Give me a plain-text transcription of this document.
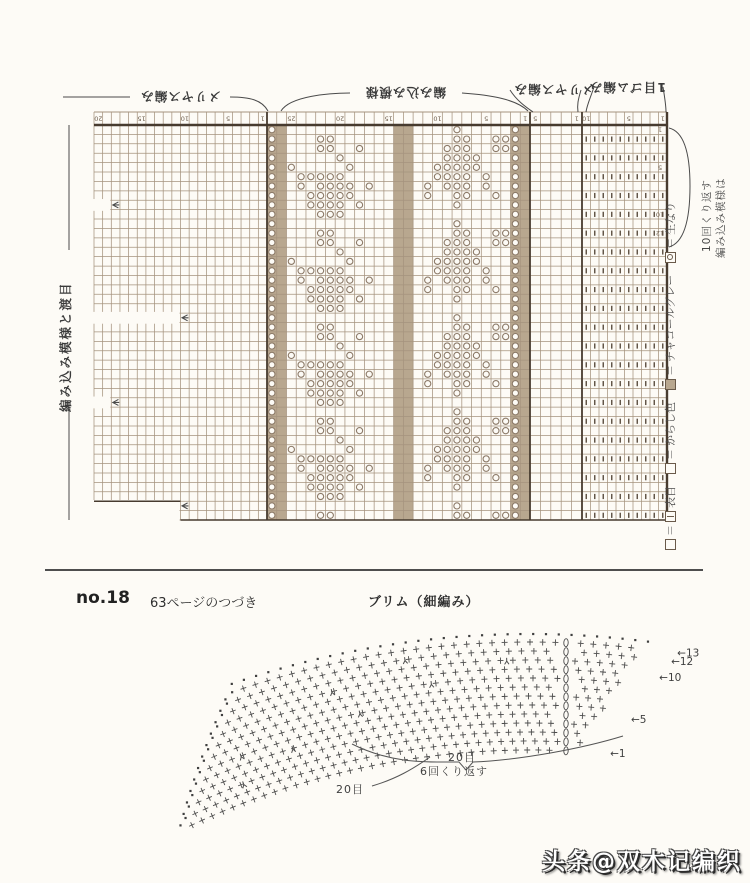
20	15	10	5	1	25	20	15	10	5	1 5	1 10	5	1
1
5
10
12
メリヤス編み	編み込み模様	メリヤス編み
1目ゴム編み
編み込み模様と渡目
編み込み模様は
10回くり返す
＝
表目
＝
からし色
＝
チャコールグレー
＝
生なり
no.18 63ページのつづき	ブリム（細編み）
←1
←5
←10
←12
←13
20目
6回くり返す
20目
头条@双木记编织
